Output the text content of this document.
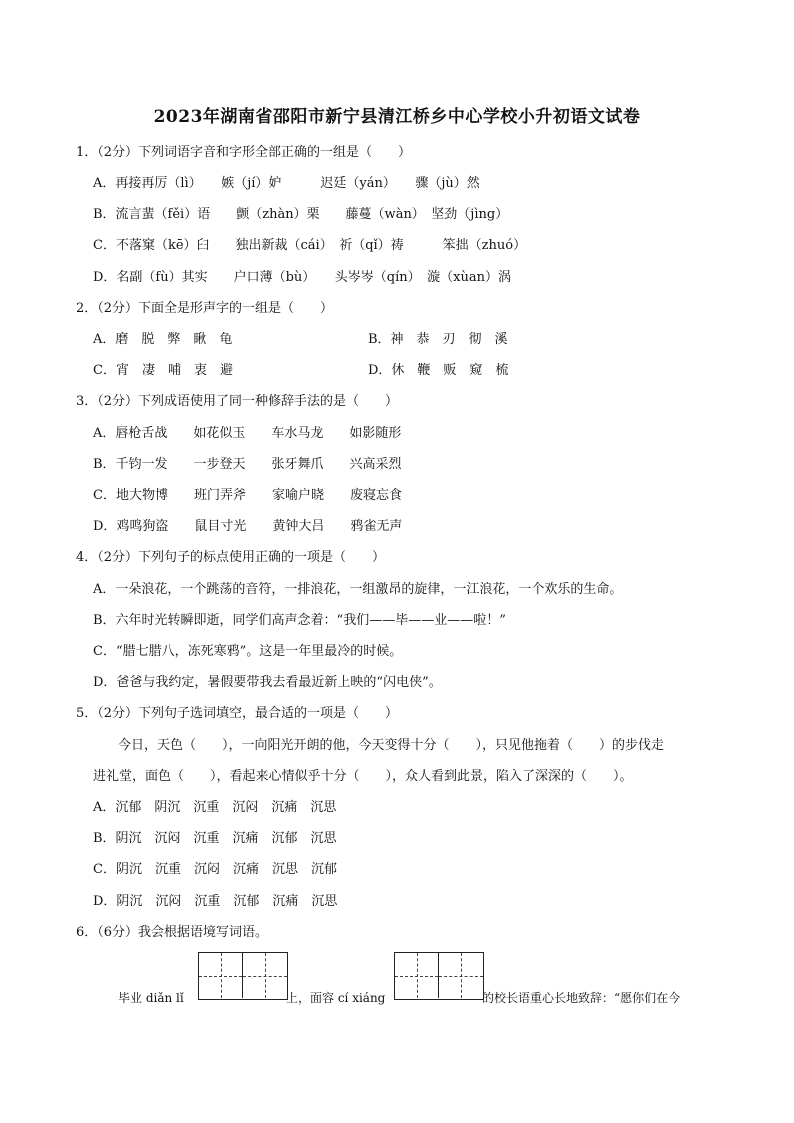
2023年湖南省邵阳市新宁县清江桥乡中心学校小升初语文试卷
1．（2分）下列词语字音和字形全部正确的一组是（　　）
A．再接再厉（lì）　　嫉（jí）妒　　　迟廷（yán）　　骤（jù）然
B．流言蜚（fěi）语　　颤（zhàn）栗　　藤蔓（wàn）　坚劲（jìng）
C．不落窠（kē）臼　　独出新裁（cái）　祈（qǐ）祷　　　笨拙（zhuó）
D．名副（fù）其实　　户口薄（bù）　　头岑岑（qín）　漩（xùan）涡
2．（2分）下面全是形声字的一组是（　　）
A．磨　脱　弊　瞅　龟	B．神　恭　刃　彻　溪
C．宵　凄　哺　衷　避	D．休　鞭　贩　窥　梳
3．（2分）下列成语使用了同一种修辞手法的是（　　）
A．唇枪舌战　　如花似玉　　车水马龙　　如影随形
B．千钧一发　　一步登天　　张牙舞爪　　兴高采烈
C．地大物博　　班门弄斧　　家喻户晓　　废寝忘食
D．鸡鸣狗盗　　鼠目寸光　　黄钟大吕　　鸦雀无声
4．（2分）下列句子的标点使用正确的一项是（　　）
A．一朵浪花，一个跳荡的音符，一排浪花，一组激昂的旋律，一江浪花，一个欢乐的生命。
B．六年时光转瞬即逝，同学们高声念着：“我们——毕——业——啦！”
C．“腊七腊八，冻死寒鸦”。这是一年里最冷的时候。
D．爸爸与我约定，暑假要带我去看最近新上映的“闪电侠”。
5．（2分）下列句子选词填空，最合适的一项是（　　）
今日，天色（　　），一向阳光开朗的他，今天变得十分（　　），只见他拖着（　　）的步伐走
进礼堂，面色（　　），看起来心情似乎十分（　　），众人看到此景，陷入了深深的（　　）。
A．沉郁　阴沉　沉重　沉闷　沉痛　沉思
B．阴沉　沉闷　沉重　沉痛　沉郁　沉思
C．阴沉　沉重　沉闷　沉痛　沉思　沉郁
D．阴沉　沉闷　沉重　沉郁　沉痛　沉思
6．（6分）我会根据语境写词语。
毕业 diǎn lǐ	上，面容 cí xiáng	的校长语重心长地致辞：“愿你们在今
